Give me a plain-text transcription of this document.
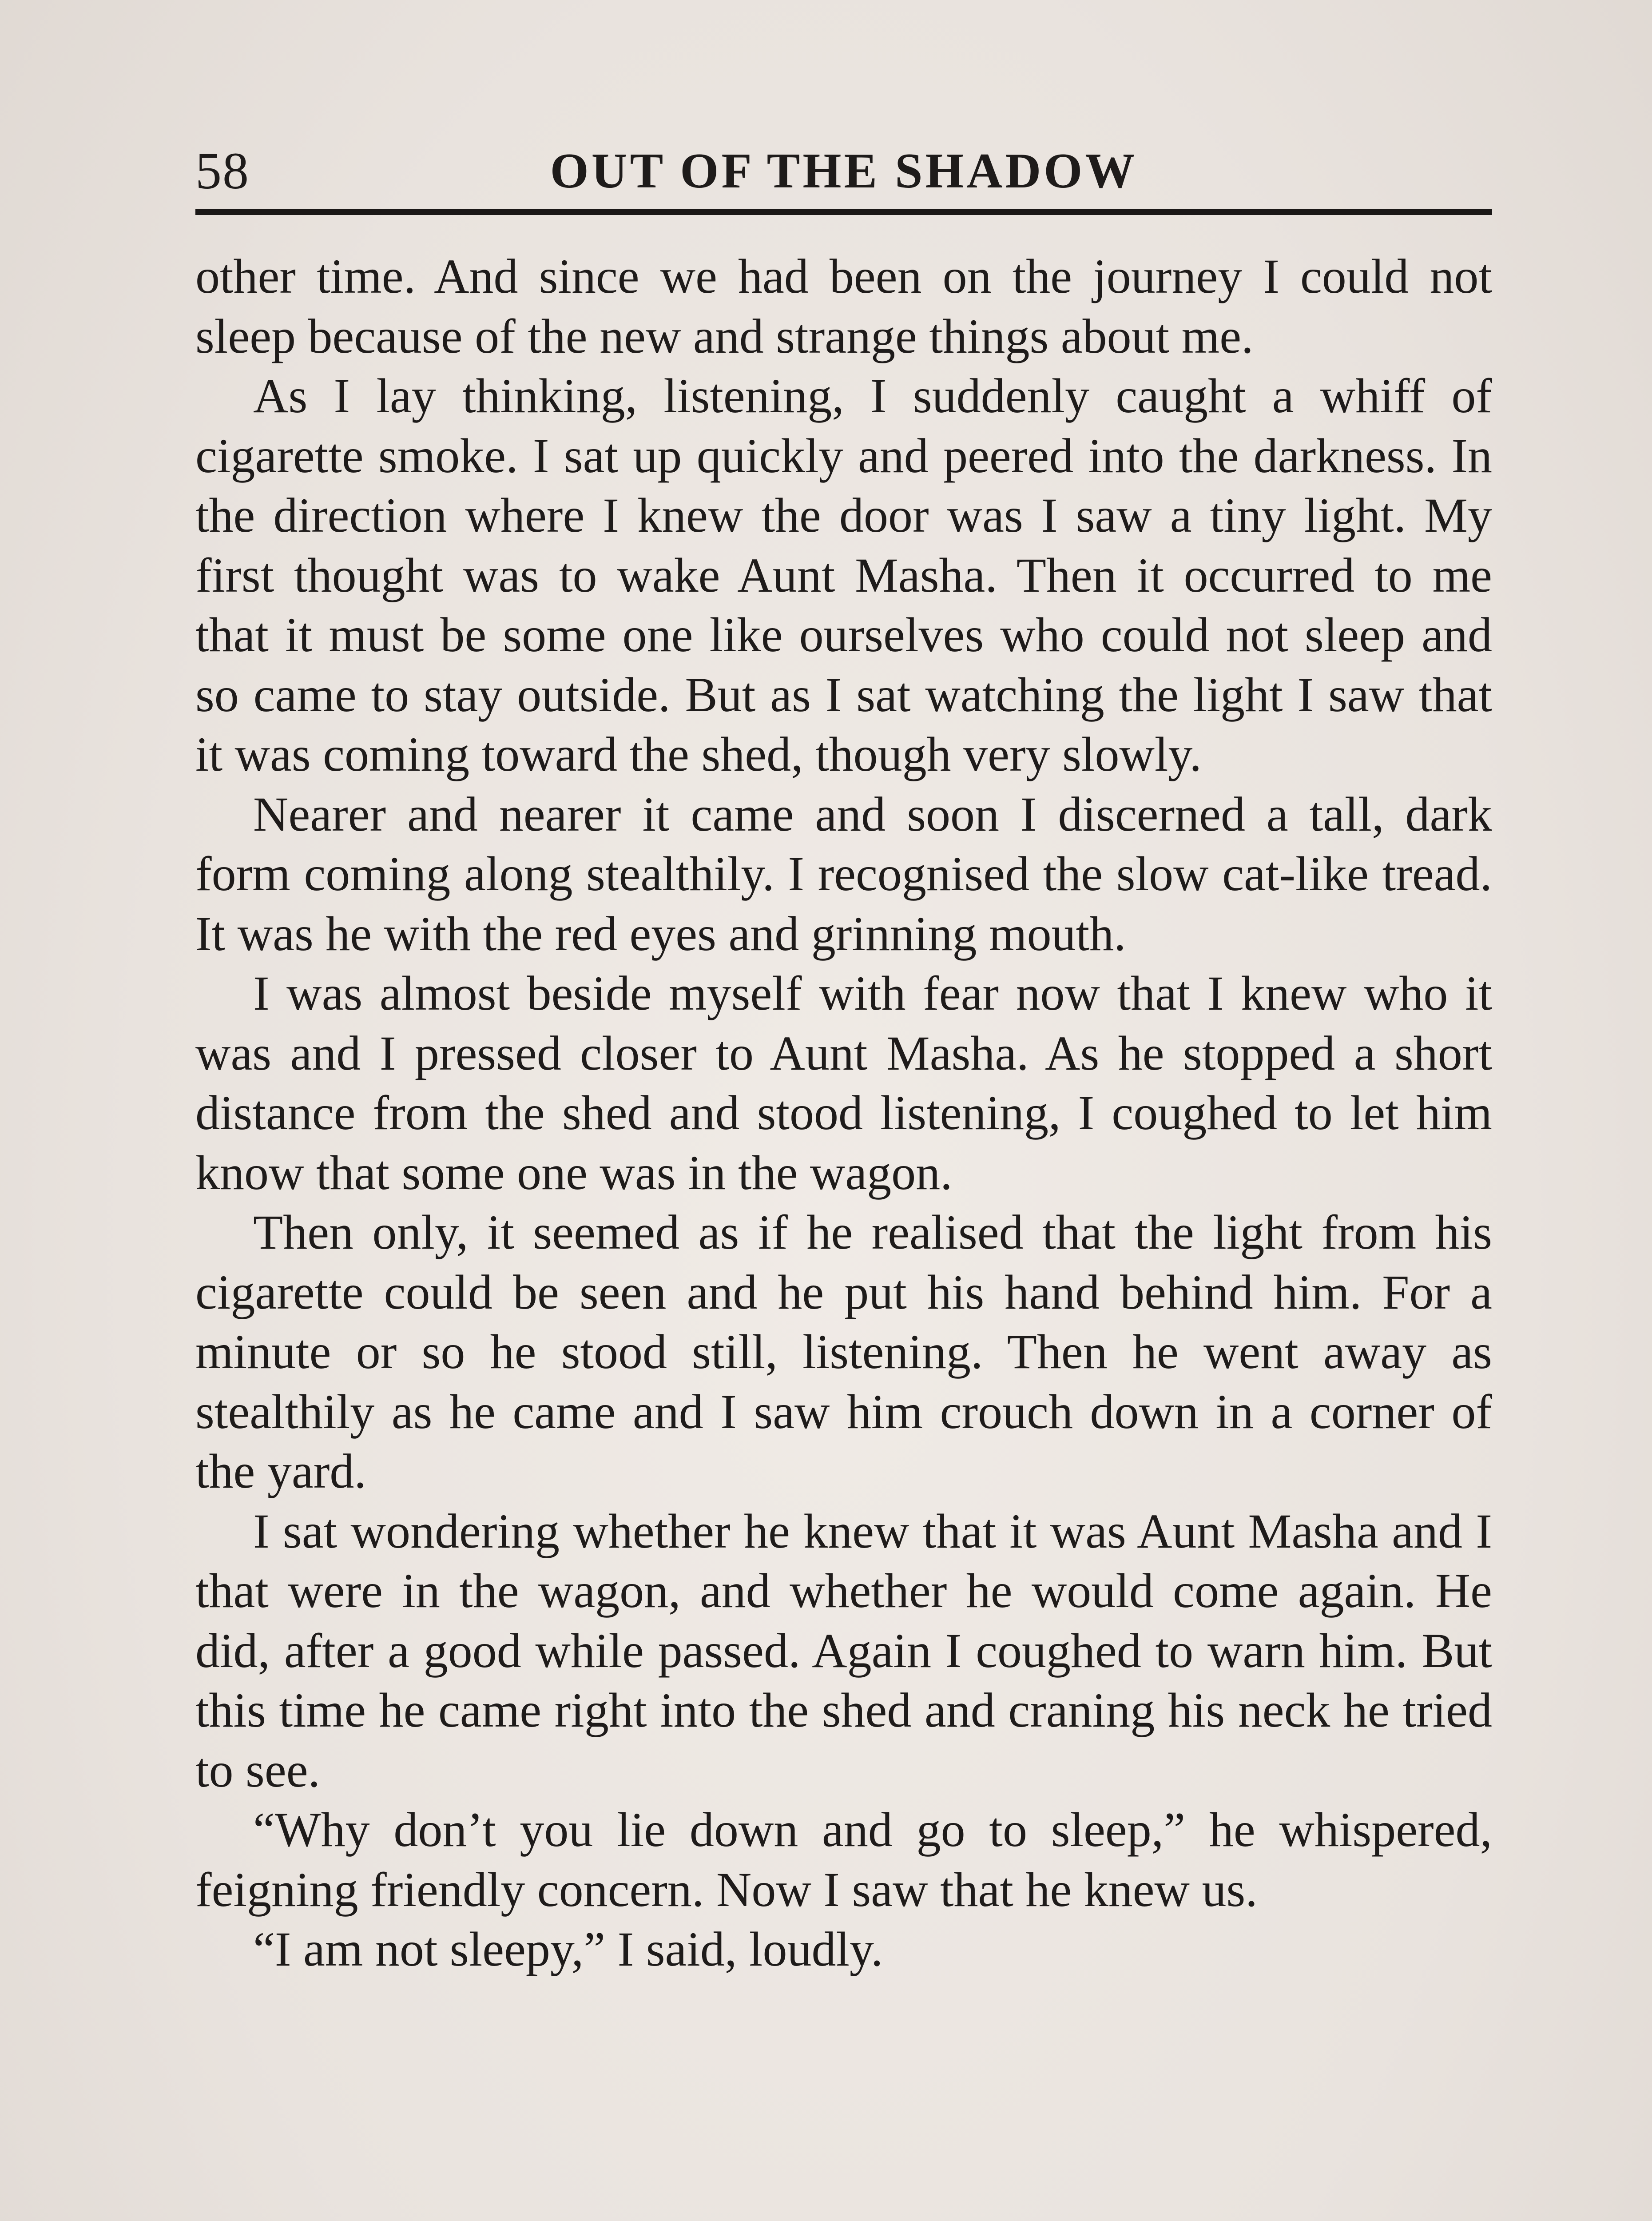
58	OUT OF THE SHADOW

other time. And since we had been on the journey I could not sleep because of the new and strange things about me.

As I lay thinking, listening, I suddenly caught a whiff of cigarette smoke. I sat up quickly and peered into the darkness. In the direction where I knew the door was I saw a tiny light. My first thought was to wake Aunt Masha. Then it occurred to me that it must be some one like ourselves who could not sleep and so came to stay outside. But as I sat watching the light I saw that it was coming toward the shed, though very slowly.

Nearer and nearer it came and soon I discerned a tall, dark form coming along stealthily. I recognised the slow cat-like tread. It was he with the red eyes and grinning mouth.

I was almost beside myself with fear now that I knew who it was and I pressed closer to Aunt Masha. As he stopped a short distance from the shed and stood listening, I coughed to let him know that some one was in the wagon.

Then only, it seemed as if he realised that the light from his cigarette could be seen and he put his hand behind him. For a minute or so he stood still, listening. Then he went away as stealthily as he came and I saw him crouch down in a corner of the yard.

I sat wondering whether he knew that it was Aunt Masha and I that were in the wagon, and whether he would come again. He did, after a good while passed. Again I coughed to warn him. But this time he came right into the shed and craning his neck he tried to see.

“Why don’t you lie down and go to sleep,” he whispered, feigning friendly concern. Now I saw that he knew us.

“I am not sleepy,” I said, loudly.
